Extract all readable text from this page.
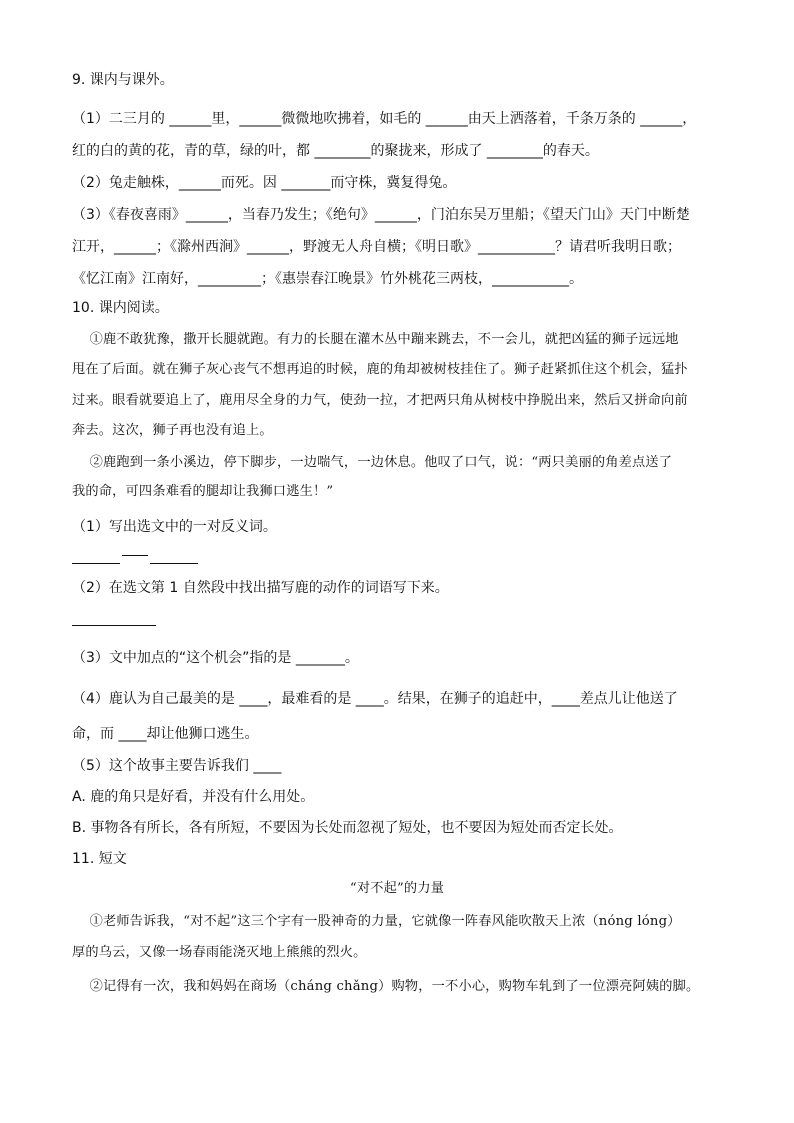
9. 课内与课外。
（1）二三月的 ______里，______微微地吹拂着，如毛的 ______由天上洒落着，千条万条的 ______，
红的白的黄的花，青的草，绿的叶，都 ________的聚拢来，形成了 ________的春天。
（2）兔走触株，______而死。因 _______而守株，冀复得兔。
（3）《春夜喜雨》______，当春乃发生；《绝句》______，门泊东吴万里船；《望天门山》天门中断楚
江开，______；《滁州西涧》______，野渡无人舟自横；《明日歌》___________？请君听我明日歌；
《忆江南》江南好，_________；《惠崇春江晚景》竹外桃花三两枝，___________。
10. 课内阅读。
①鹿不敢犹豫，撒开长腿就跑。有力的长腿在灌木丛中蹦来跳去，不一会儿，就把凶猛的狮子远远地
甩在了后面。就在狮子灰心丧气不想再追的时候，鹿的角却被树枝挂住了。狮子赶紧抓住这个机会，猛扑
过来。眼看就要追上了，鹿用尽全身的力气，使劲一拉，才把两只角从树枝中挣脱出来，然后又拼命向前
奔去。这次，狮子再也没有追上。
②鹿跑到一条小溪边，停下脚步，一边喘气，一边休息。他叹了口气，说：“两只美丽的角差点送了
我的命，可四条难看的腿却让我狮口逃生！”
（1）写出选文中的一对反义词。
（2）在选文第 1 自然段中找出描写鹿的动作的词语写下来。
（3）文中加点的“这个机会”指的是 _______。
（4）鹿认为自己最美的是 ____，最难看的是 ____。结果，在狮子的追赶中，____差点儿让他送了
命，而 ____却让他狮口逃生。
（5）这个故事主要告诉我们 ____
A. 鹿的角只是好看，并没有什么用处。
B. 事物各有所长，各有所短，不要因为长处而忽视了短处，也不要因为短处而否定长处。
11. 短文
“对不起”的力量
①老师告诉我，“对不起”这三个字有一股神奇的力量，它就像一阵春风能吹散天上浓（nóng lóng）
厚的乌云，又像一场春雨能浇灭地上熊熊的烈火。
②记得有一次，我和妈妈在商场（cháng chǎng）购物，一不小心，购物车轧到了一位漂亮阿姨的脚。
